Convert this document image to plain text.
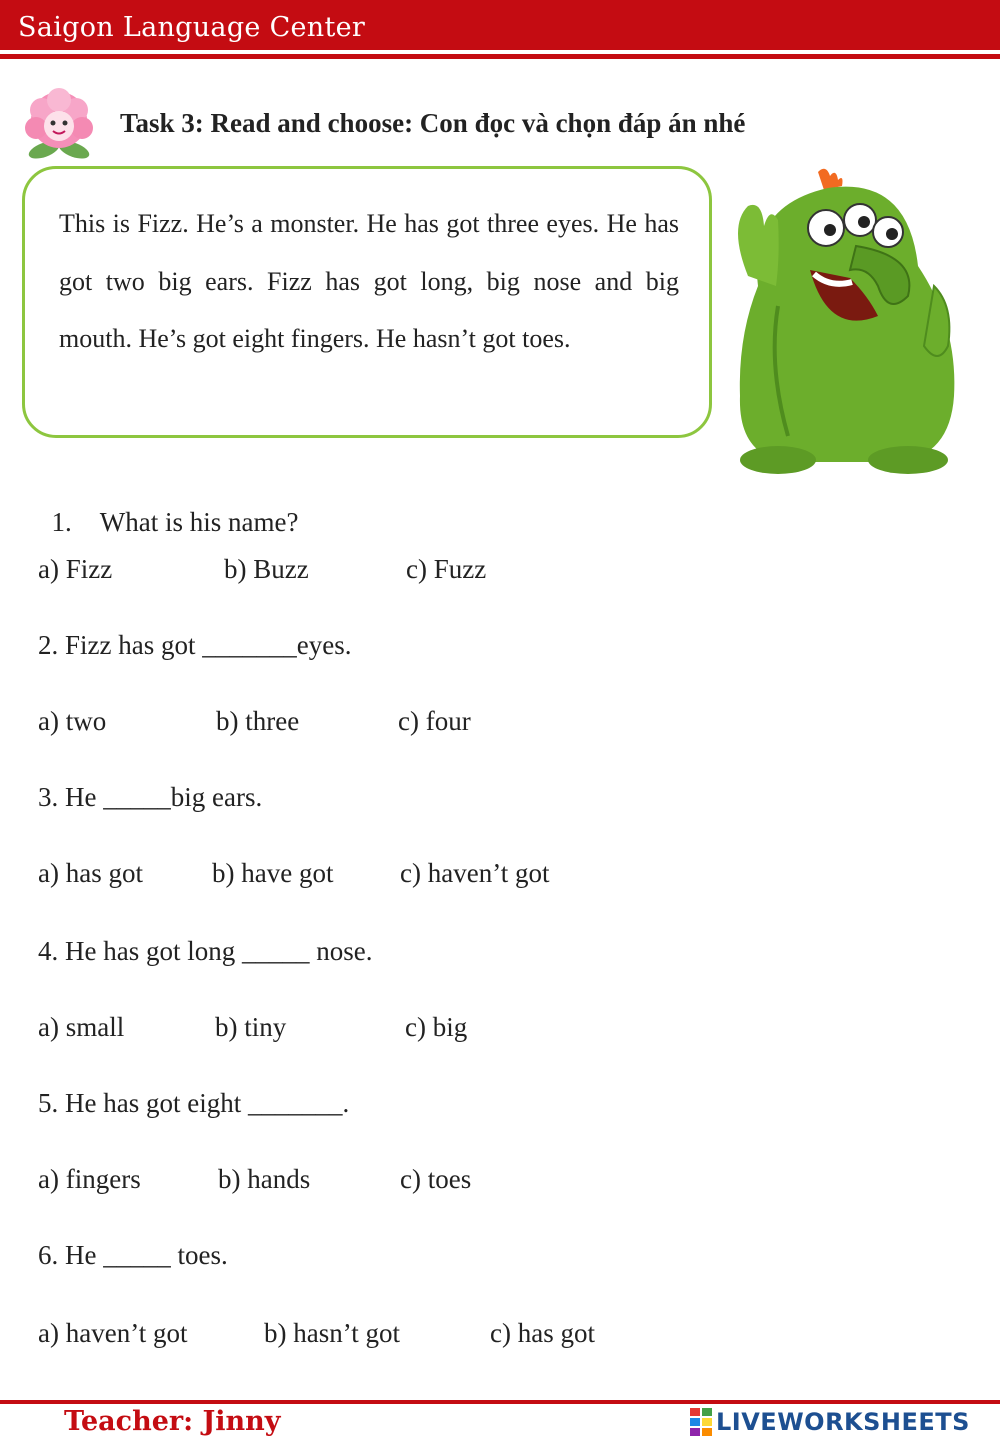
Saigon Language Center
Task 3: Read and choose: Con đọc và chọn đáp án nhé
This is Fizz. He’s a monster. He has got three eyes. He has got two big ears. Fizz has got long, big nose and big mouth. He’s got eight fingers. He hasn’t got toes.

1. What is his name?

a) Fizz	b) Buzz	c) Fuzz
2. Fizz has got _______eyes.
a) two	b) three	c) four
3. He _____big ears.
a) has got	b) have got c) haven’t got
4. He has got long _____ nose.
a) small	b) tiny	c) big
5. He has got eight _______.
a) fingers	b) hands	c) toes
6. He _____ toes.
a) haven’t got	b) hasn’t got	c) has got
Teacher: Jinny	LIVEWORKSHEETS
